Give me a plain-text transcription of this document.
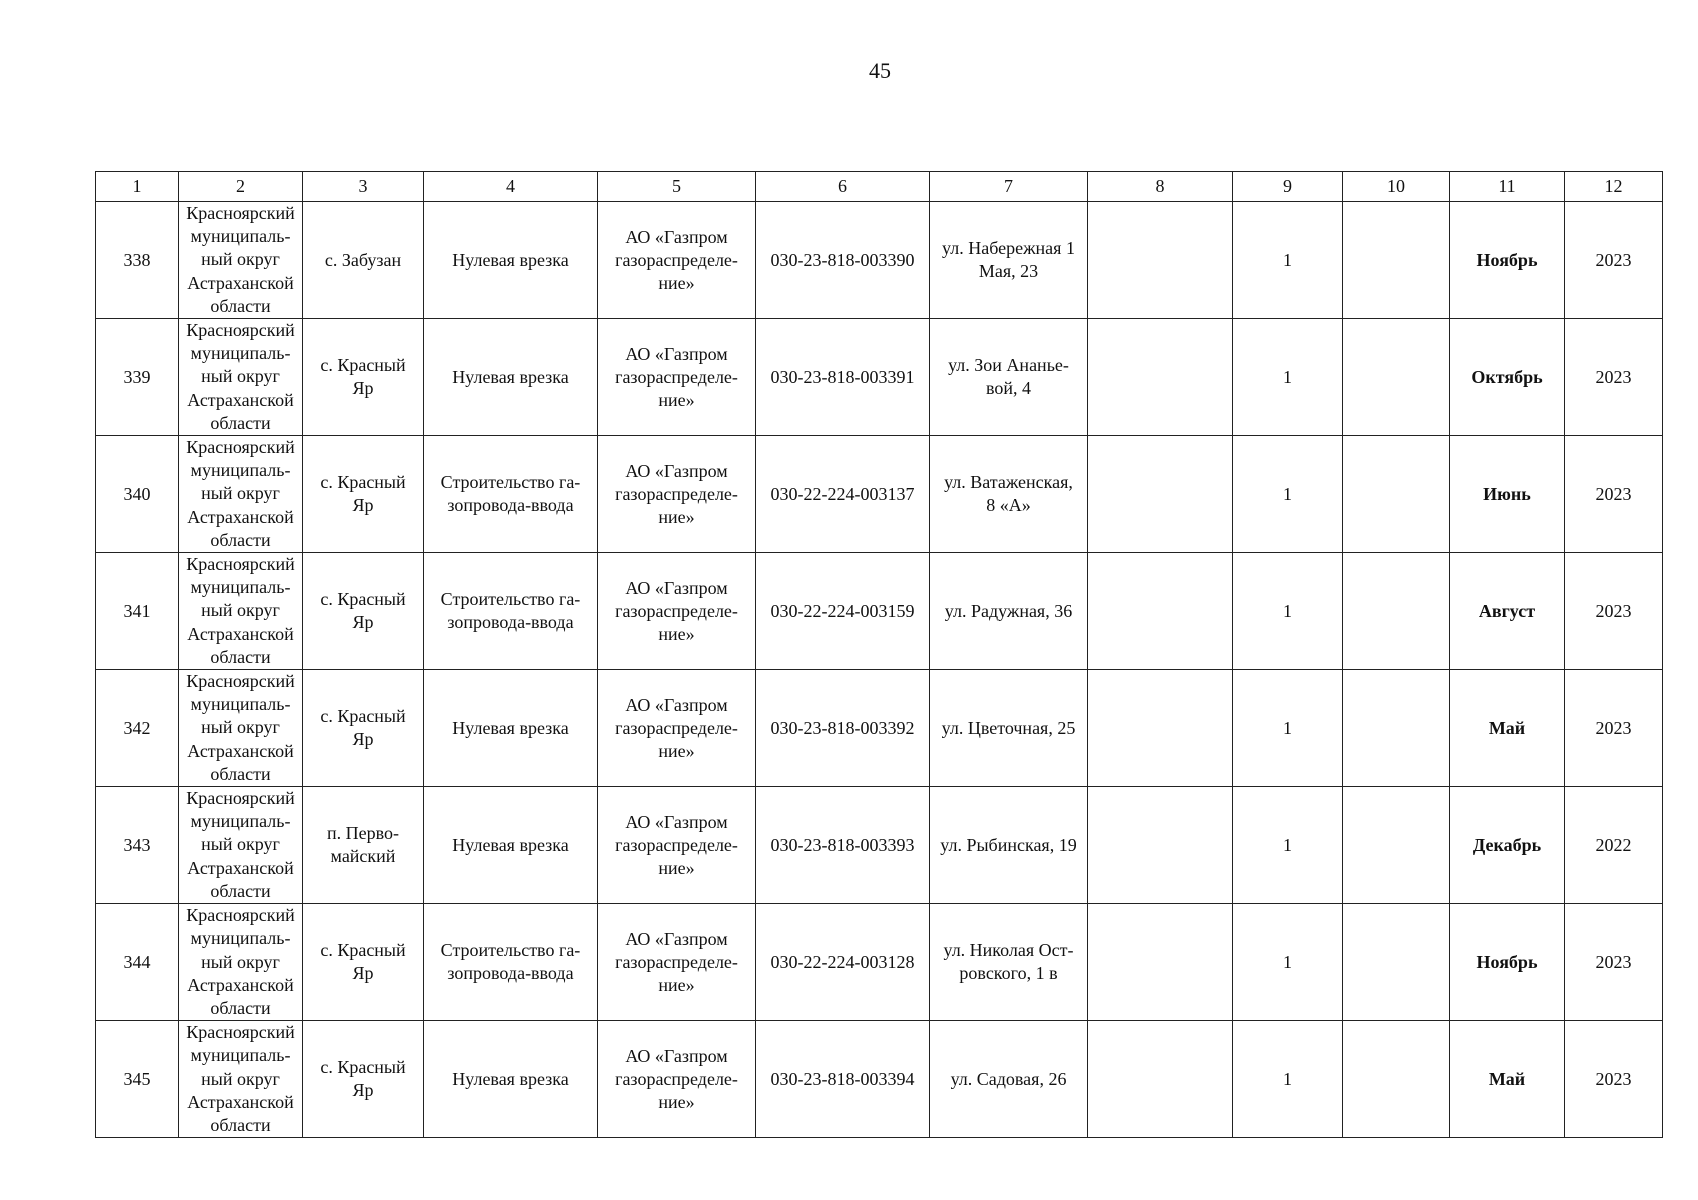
45
1	2	3	4	5	6	7	8	9	10	11	12
338	Красноярский
муниципаль-
ный округ
Астраханской
области	с. Забузан	Нулевая врезка	АО «Газпром
газораспределе-
ние»	030-23-818-003390	ул. Набережная 1
Мая, 23		1		Ноябрь	2023
339	Красноярский
муниципаль-
ный округ
Астраханской
области	с. Красный
Яр	Нулевая врезка	АО «Газпром
газораспределе-
ние»	030-23-818-003391	ул. Зои Ананье-
вой, 4		1		Октябрь	2023
340	Красноярский
муниципаль-
ный округ
Астраханской
области	с. Красный
Яр	Строительство га-
зопровода-ввода	АО «Газпром
газораспределе-
ние»	030-22-224-003137	ул. Ватаженская,
8 «А»		1		Июнь	2023
341	Красноярский
муниципаль-
ный округ
Астраханской
области	с. Красный
Яр	Строительство га-
зопровода-ввода	АО «Газпром
газораспределе-
ние»	030-22-224-003159	ул. Радужная, 36		1		Август	2023
342	Красноярский
муниципаль-
ный округ
Астраханской
области	с. Красный
Яр	Нулевая врезка	АО «Газпром
газораспределе-
ние»	030-23-818-003392	ул. Цветочная, 25		1		Май	2023
343	Красноярский
муниципаль-
ный округ
Астраханской
области	п. Перво-
майский	Нулевая врезка	АО «Газпром
газораспределе-
ние»	030-23-818-003393	ул. Рыбинская, 19		1		Декабрь	2022
344	Красноярский
муниципаль-
ный округ
Астраханской
области	с. Красный
Яр	Строительство га-
зопровода-ввода	АО «Газпром
газораспределе-
ние»	030-22-224-003128	ул. Николая Ост-
ровского, 1 в		1		Ноябрь	2023
345	Красноярский
муниципаль-
ный округ
Астраханской
области	с. Красный
Яр	Нулевая врезка	АО «Газпром
газораспределе-
ние»	030-23-818-003394	ул. Садовая, 26		1		Май	2023
